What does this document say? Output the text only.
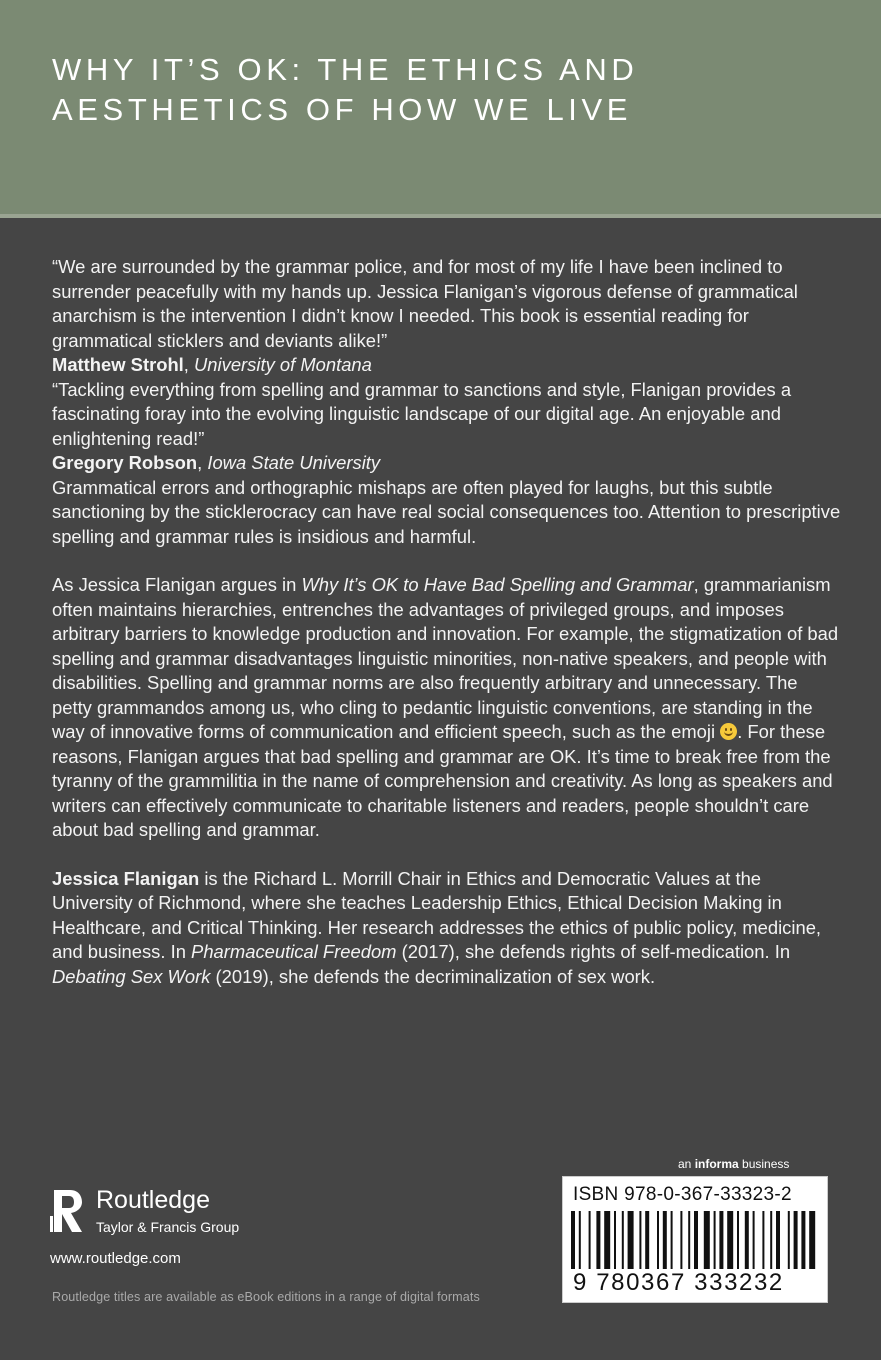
WHY IT’S OK: THE ETHICS AND
AESTHETICS OF HOW WE LIVE

“We are surrounded by the grammar police, and for most of my life I have been inclined to surrender peacefully with my hands up. Jessica Flanigan’s vigorous defense of grammatical anarchism is the intervention I didn’t know I needed. This book is essential reading for grammatical sticklers and deviants alike!”
Matthew Strohl, University of Montana

“Tackling everything from spelling and grammar to sanctions and style, Flanigan provides a fascinating foray into the evolving linguistic landscape of our digital age. An enjoyable and enlightening read!”
Gregory Robson, Iowa State University

Grammatical errors and orthographic mishaps are often played for laughs, but this subtle sanctioning by the sticklerocracy can have real social consequences too. Attention to prescriptive spelling and grammar rules is insidious and harmful.

As Jessica Flanigan argues in Why It’s OK to Have Bad Spelling and Grammar, grammarianism often maintains hierarchies, entrenches the advantages of privileged groups, and imposes arbitrary barriers to knowledge production and innovation. For example, the stigmatization of bad spelling and grammar disadvantages linguistic minorities, non-native speakers, and people with disabilities. Spelling and grammar norms are also frequently arbitrary and unnecessary. The petty grammandos among us, who cling to pedantic linguistic conventions, are standing in the way of innovative forms of communication and efficient speech, such as the emoji
. For these reasons, Flanigan argues that bad spelling and grammar are OK. It’s time to break free from the tyranny of the grammilitia in the name of comprehension and creativity. As long as speakers and writers can effectively communicate to charitable listeners and readers, people shouldn’t care about bad spelling and grammar.

Jessica Flanigan is the Richard L. Morrill Chair in Ethics and Democratic Values at the University of Richmond, where she teaches Leadership Ethics, Ethical Decision Making in Healthcare, and Critical Thinking. Her research addresses the ethics of public policy, medicine, and business. In Pharmaceutical Freedom (2017), she defends rights of self-medication. In Debating Sex Work (2019), she defends the decriminalization of sex work.

Routledge
Taylor & Francis Group
www.routledge.com
Routledge titles are available as eBook editions in a range of digital formats
an informa business
ISBN 978-0-367-33323-2
9 780367 333232
